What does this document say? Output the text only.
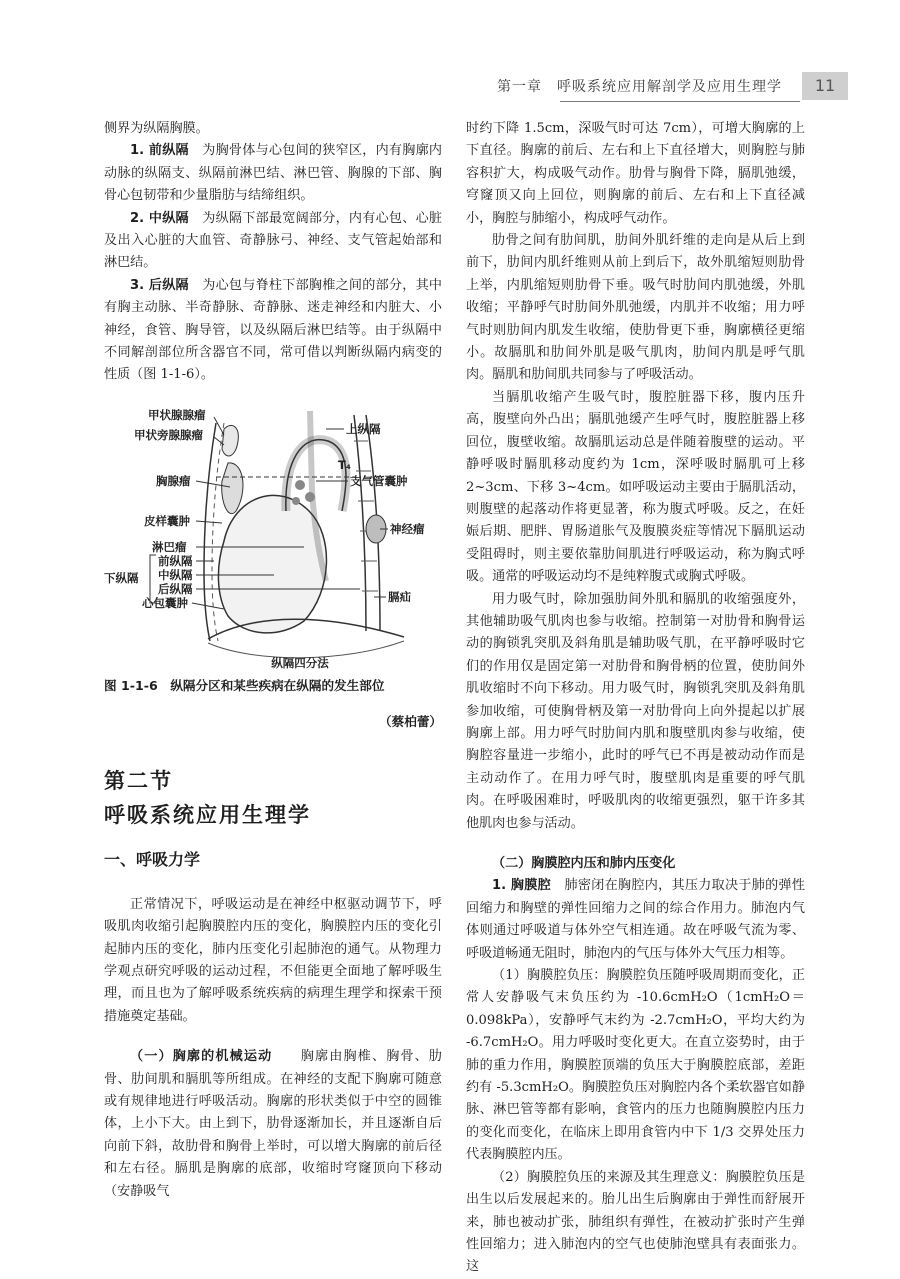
第一章　呼吸系统应用解剖学及应用生理学	11

侧界为纵隔胸膜。

1. 前纵隔　 为胸骨体与心包间的狭窄区，内有胸廓内动脉的纵隔支、纵隔前淋巴结、淋巴管、胸腺的下部、胸骨心包韧带和少量脂肪与结缔组织。

2. 中纵隔　 为纵隔下部最宽阔部分，内有心包、心脏及出入心脏的大血管、奇静脉弓、神经、支气管起始部和淋巴结。

3. 后纵隔　 为心包与脊柱下部胸椎之间的部分，其中有胸主动脉、半奇静脉、奇静脉、迷走神经和内脏大、小神经，食管、胸导管，以及纵隔后淋巴结等。由于纵隔中不同解剖部位所含器官不同，常可借以判断纵隔内病变的性质（图 1-1-6）。

甲状腺腺瘤
甲状旁腺腺瘤	上纵隔
T₄
胸腺瘤	支气管囊肿
皮样囊肿
神经瘤
淋巴瘤
前纵隔
下纵隔 中纵隔
后纵隔
心包囊肿	膈疝
纵隔四分法
图 1-1-6　纵隔分区和某些疾病在纵隔的发生部位
（蔡柏蕾）
第二节
呼吸系统应用生理学
一、呼吸力学

正常情况下，呼吸运动是在神经中枢驱动调节下，呼吸肌肉收缩引起胸膜腔内压的变化，胸膜腔内压的变化引起肺内压的变化，肺内压变化引起肺泡的通气。从物理力学观点研究呼吸的运动过程，不但能更全面地了解呼吸生理，而且也为了解呼吸系统疾病的病理生理学和探索干预措施奠定基础。

（一）胸廓的机械运动　　 胸廓由胸椎、胸骨、肋骨、肋间肌和膈肌等所组成。在神经的支配下胸廓可随意或有规律地进行呼吸活动。胸廓的形状类似于中空的圆锥体，上小下大。由上到下，肋骨逐渐加长，并且逐渐自后向前下斜，故肋骨和胸骨上举时，可以增大胸廓的前后径和左右径。膈肌是胸廓的底部，收缩时穹窿顶向下移动（安静吸气

时约下降 1.5cm，深吸气时可达 7cm），可增大胸廓的上下直径。胸廓的前后、左右和上下直径增大，则胸腔与肺容积扩大，构成吸气动作。肋骨与胸骨下降，膈肌弛缓，穹窿顶又向上回位，则胸廓的前后、左右和上下直径减小，胸腔与肺缩小，构成呼气动作。

肋骨之间有肋间肌，肋间外肌纤维的走向是从后上到前下，肋间内肌纤维则从前上到后下，故外肌缩短则肋骨上举，内肌缩短则肋骨下垂。吸气时肋间内肌弛缓，外肌收缩；平静呼气时肋间外肌弛缓，内肌并不收缩；用力呼气时则肋间内肌发生收缩，使肋骨更下垂，胸廓横径更缩小。故膈肌和肋间外肌是吸气肌肉，肋间内肌是呼气肌肉。膈肌和肋间肌共同参与了呼吸活动。

当膈肌收缩产生吸气时，腹腔脏器下移，腹内压升高，腹壁向外凸出；膈肌弛缓产生呼气时，腹腔脏器上移回位，腹壁收缩。故膈肌运动总是伴随着腹壁的运动。平静呼吸时膈肌移动度约为 1cm，深呼吸时膈肌可上移 2~3cm、下移 3~4cm。如呼吸运动主要由于膈肌活动，则腹壁的起落动作将更显著，称为腹式呼吸。反之，在妊娠后期、肥胖、胃肠道胀气及腹膜炎症等情况下膈肌运动受阻碍时，则主要依靠肋间肌进行呼吸运动，称为胸式呼吸。通常的呼吸运动均不是纯粹腹式或胸式呼吸。

用力吸气时，除加强肋间外肌和膈肌的收缩强度外，其他辅助吸气肌肉也参与收缩。控制第一对肋骨和胸骨运动的胸锁乳突肌及斜角肌是辅助吸气肌，在平静呼吸时它们的作用仅是固定第一对肋骨和胸骨柄的位置，使肋间外肌收缩时不向下移动。用力吸气时，胸锁乳突肌及斜角肌参加收缩，可使胸骨柄及第一对肋骨向上向外提起以扩展胸廓上部。用力呼气时肋间内肌和腹壁肌肉参与收缩，使胸腔容量进一步缩小，此时的呼气已不再是被动动作而是主动动作了。在用力呼气时，腹壁肌肉是重要的呼气肌肉。在呼吸困难时，呼吸肌肉的收缩更强烈，躯干许多其他肌肉也参与活动。

（二）胸膜腔内压和肺内压变化

1. 胸膜腔　 肺密闭在胸腔内，其压力取决于肺的弹性回缩力和胸壁的弹性回缩力之间的综合作用力。肺泡内气体则通过呼吸道与体外空气相连通。故在呼吸气流为零、呼吸道畅通无阻时，肺泡内的气压与体外大气压力相等。

（1）胸膜腔负压：胸膜腔负压随呼吸周期而变化，正常人安静吸气末负压约为 -10.6cmH₂O（1cmH₂O＝0.098kPa），安静呼气末约为 -2.7cmH₂O，平均大约为 -6.7cmH₂O。用力呼吸时变化更大。在直立姿势时，由于肺的重力作用，胸膜腔顶端的负压大于胸膜腔底部，差距约有 -5.3cmH₂O。胸膜腔负压对胸腔内各个柔软器官如静脉、淋巴管等都有影响，食管内的压力也随胸膜腔内压力的变化而变化，在临床上即用食管内中下 1/3 交界处压力代表胸膜腔内压。

（2）胸膜腔负压的来源及其生理意义：胸膜腔负压是出生以后发展起来的。胎儿出生后胸廓由于弹性而舒展开来，肺也被动扩张，肺组织有弹性，在被动扩张时产生弹性回缩力；进入肺泡内的空气也使肺泡壁具有表面张力。这
